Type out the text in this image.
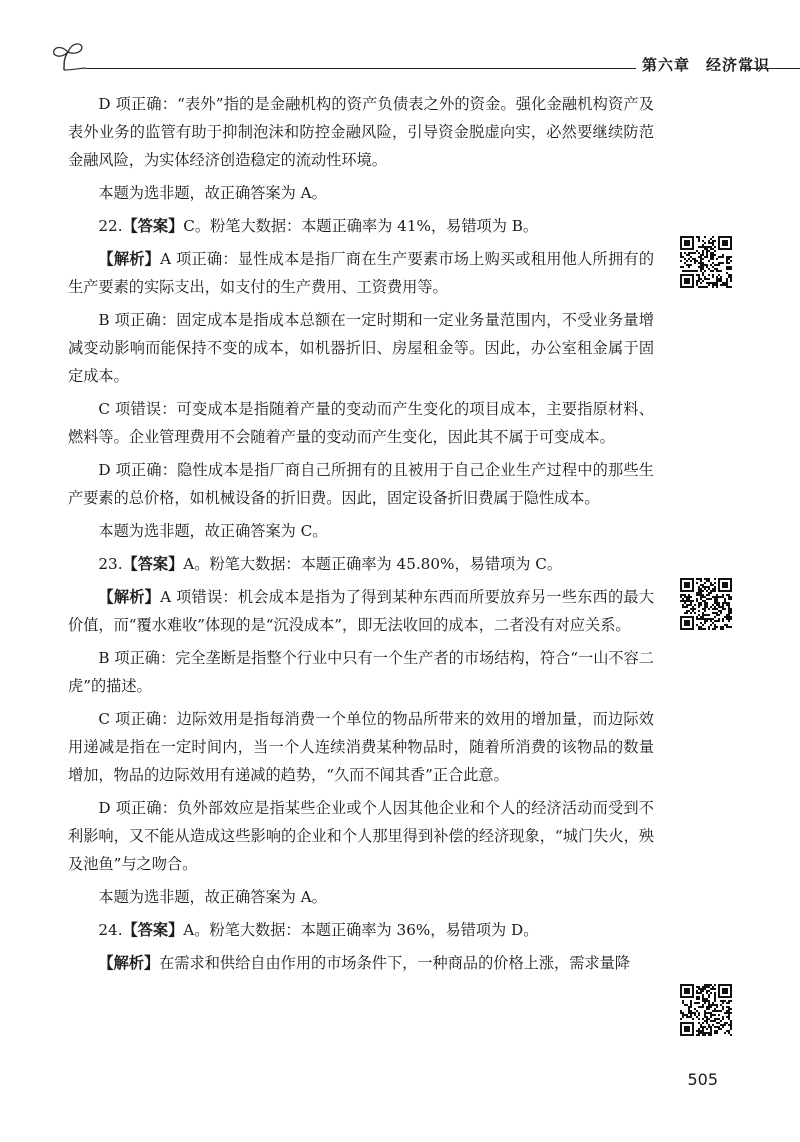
第六章　经济常识

D 项正确：“表外”指的是金融机构的资产负债表之外的资金。强化金融机构资产及表外业务的监管有助于抑制泡沫和防控金融风险，引导资金脱虚向实，必然要继续防范金融风险，为实体经济创造稳定的流动性环境。

本题为选非题，故正确答案为 A。

22.【答案】C。粉笔大数据：本题正确率为 41%，易错项为 B。

【解析】A 项正确：显性成本是指厂商在生产要素市场上购买或租用他人所拥有的生产要素的实际支出，如支付的生产费用、工资费用等。

B 项正确：固定成本是指成本总额在一定时期和一定业务量范围内，不受业务量增减变动影响而能保持不变的成本，如机器折旧、房屋租金等。因此，办公室租金属于固定成本。

C 项错误：可变成本是指随着产量的变动而产生变化的项目成本，主要指原材料、燃料等。企业管理费用不会随着产量的变动而产生变化，因此其不属于可变成本。

D 项正确：隐性成本是指厂商自己所拥有的且被用于自己企业生产过程中的那些生产要素的总价格，如机械设备的折旧费。因此，固定设备折旧费属于隐性成本。

本题为选非题，故正确答案为 C。

23.【答案】A。粉笔大数据：本题正确率为 45.80%，易错项为 C。

【解析】A 项错误：机会成本是指为了得到某种东西而所要放弃另一些东西的最大价值，而“覆水难收”体现的是“沉没成本”，即无法收回的成本，二者没有对应关系。

B 项正确：完全垄断是指整个行业中只有一个生产者的市场结构，符合“一山不容二虎”的描述。

C 项正确：边际效用是指每消费一个单位的物品所带来的效用的增加量，而边际效用递减是指在一定时间内，当一个人连续消费某种物品时，随着所消费的该物品的数量增加，物品的边际效用有递减的趋势，“久而不闻其香”正合此意。

D 项正确：负外部效应是指某些企业或个人因其他企业和个人的经济活动而受到不利影响，又不能从造成这些影响的企业和个人那里得到补偿的经济现象，“城门失火，殃及池鱼”与之吻合。

本题为选非题，故正确答案为 A。

24.【答案】A。粉笔大数据：本题正确率为 36%，易错项为 D。

【解析】在需求和供给自由作用的市场条件下，一种商品的价格上涨，需求量降

505
